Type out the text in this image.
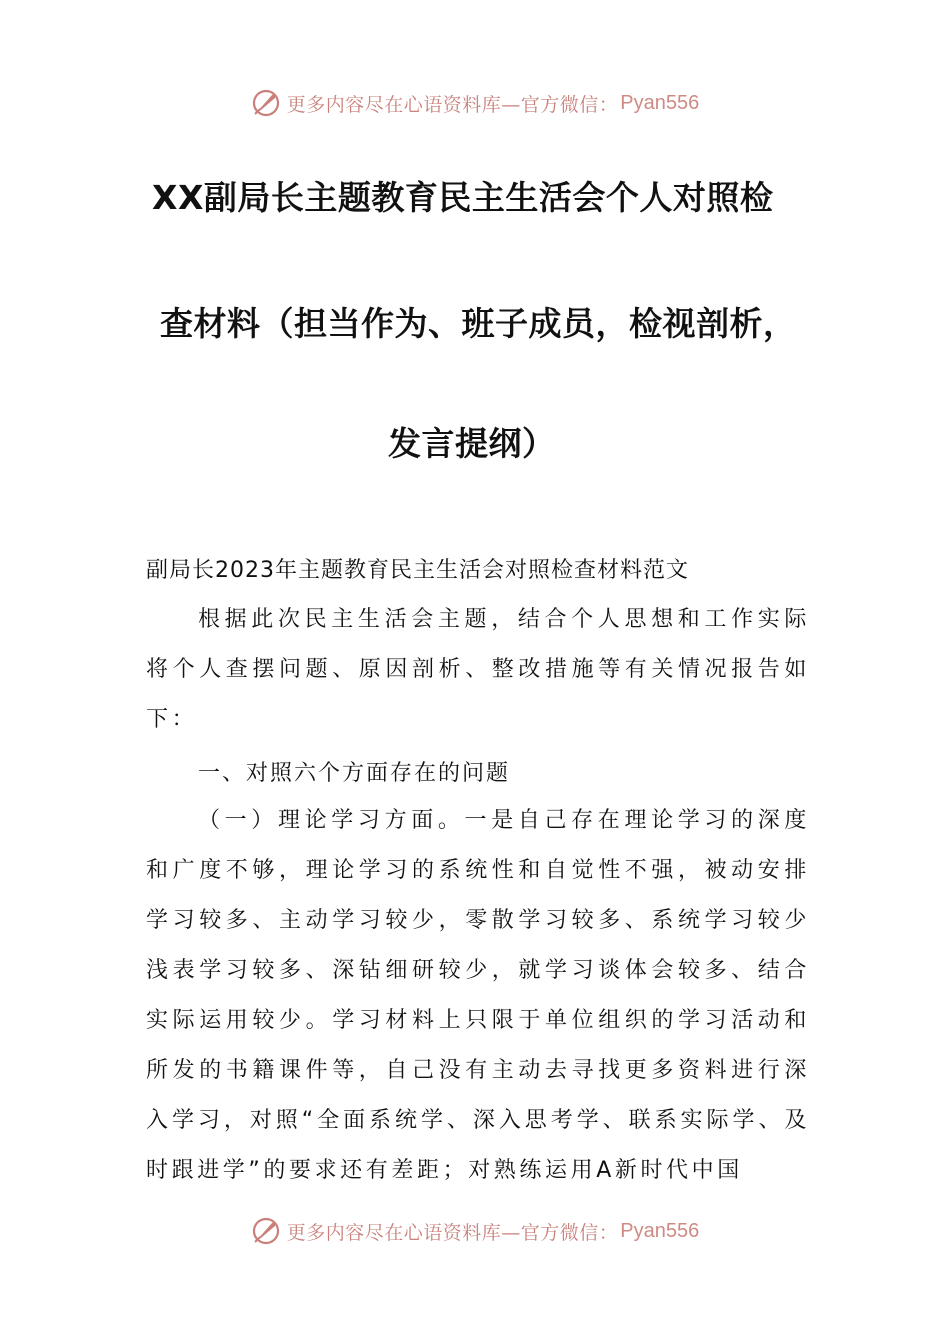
更多内容尽在心语资料库—官方微信： Pyan556
XX副局长主题教育民主生活会个人对照检
查材料（担当作为、班子成员，检视剖析，
发言提纲）
副局长2023年主题教育民主生活会对照检查材料范文
根据此次民主生活会主题，结合个人思想和工作实际将个人查摆问题、原因剖析、整改措施等有关情况报告如下：
一、对照六个方面存在的问题
（一）理论学习方面。一是自己存在理论学习的深度和广度不够，理论学习的系统性和自觉性不强，被动安排学习较多、主动学习较少，零散学习较多、系统学习较少浅表学习较多、深钻细研较少，就学习谈体会较多、结合实际运用较少。学习材料上只限于单位组织的学习活动和所发的书籍课件等，自己没有主动去寻找更多资料进行深入学习，对照“全面系统学、深入思考学、联系实际学、及时跟进学”的要求还有差距；对熟练运用A新时代中国
更多内容尽在心语资料库—官方微信： Pyan556
